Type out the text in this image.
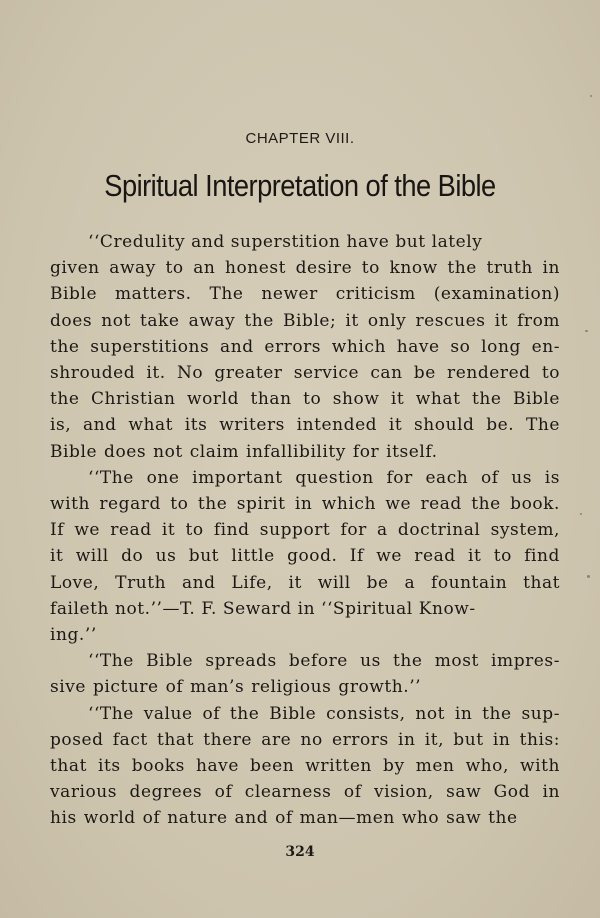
CHAPTER VIII.
Spiritual Interpretation of the Bible
‘‘Credulity and superstition have but lately
given away to an honest desire to know the truth in
Bible matters. The newer criticism (examination)
does not take away the Bible; it only rescues it from
the superstitions and errors which have so long en-
shrouded it. No greater service can be rendered to
the Christian world than to show it what the Bible
is, and what its writers intended it should be. The
Bible does not claim infallibility for itself.
‘‘The one important question for each of us is
with regard to the spirit in which we read the book.
If we read it to find support for a doctrinal system,
it will do us but little good. If we read it to find
Love, Truth and Life, it will be a fountain that
faileth not.’’—T. F. Seward in ‘‘Spiritual Know-
ing.’’
‘‘The Bible spreads before us the most impres-
sive picture of man’s religious growth.’’
‘‘The value of the Bible consists, not in the sup-
posed fact that there are no errors in it, but in this:
that its books have been written by men who, with
various degrees of clearness of vision, saw God in
his world of nature and of man—men who saw the
324
